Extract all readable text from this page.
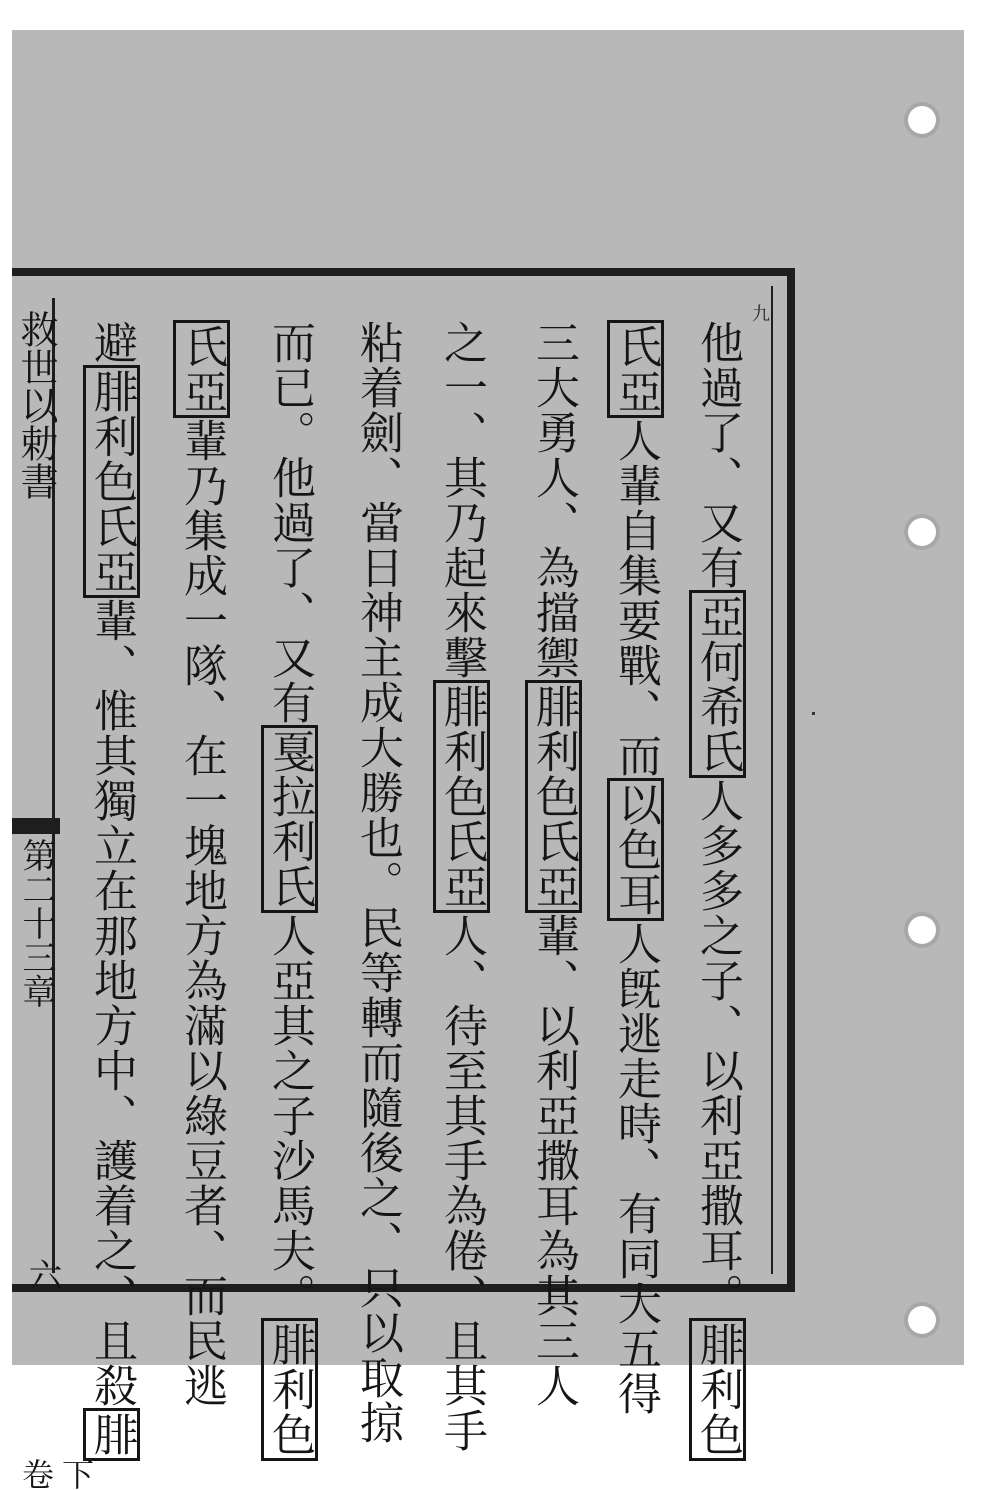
九
救世以勅書
第二十三章
六
下卷
他過了、又有亞何希氏人多多之子、以利亞撒耳。腓利色
氏亞人輩自集要戰、而以色耳人旣逃走時、有同大五得
三大勇人、為擋禦腓利色氏亞輩、以利亞撒耳為其三人
之一、其乃起來擊腓利色氏亞人、待至其手為倦、且其手
粘着劍、當日神主成大勝也。民等轉而隨後之、只以取掠
而已。他過了、又有戛拉利氏人亞其之子沙馬夫。腓利色
氏亞輩乃集成一隊、在一塊地方為滿以綠豆者、而民逃
避腓利色氏亞輩、惟其獨立在那地方中、護着之、且殺腓
